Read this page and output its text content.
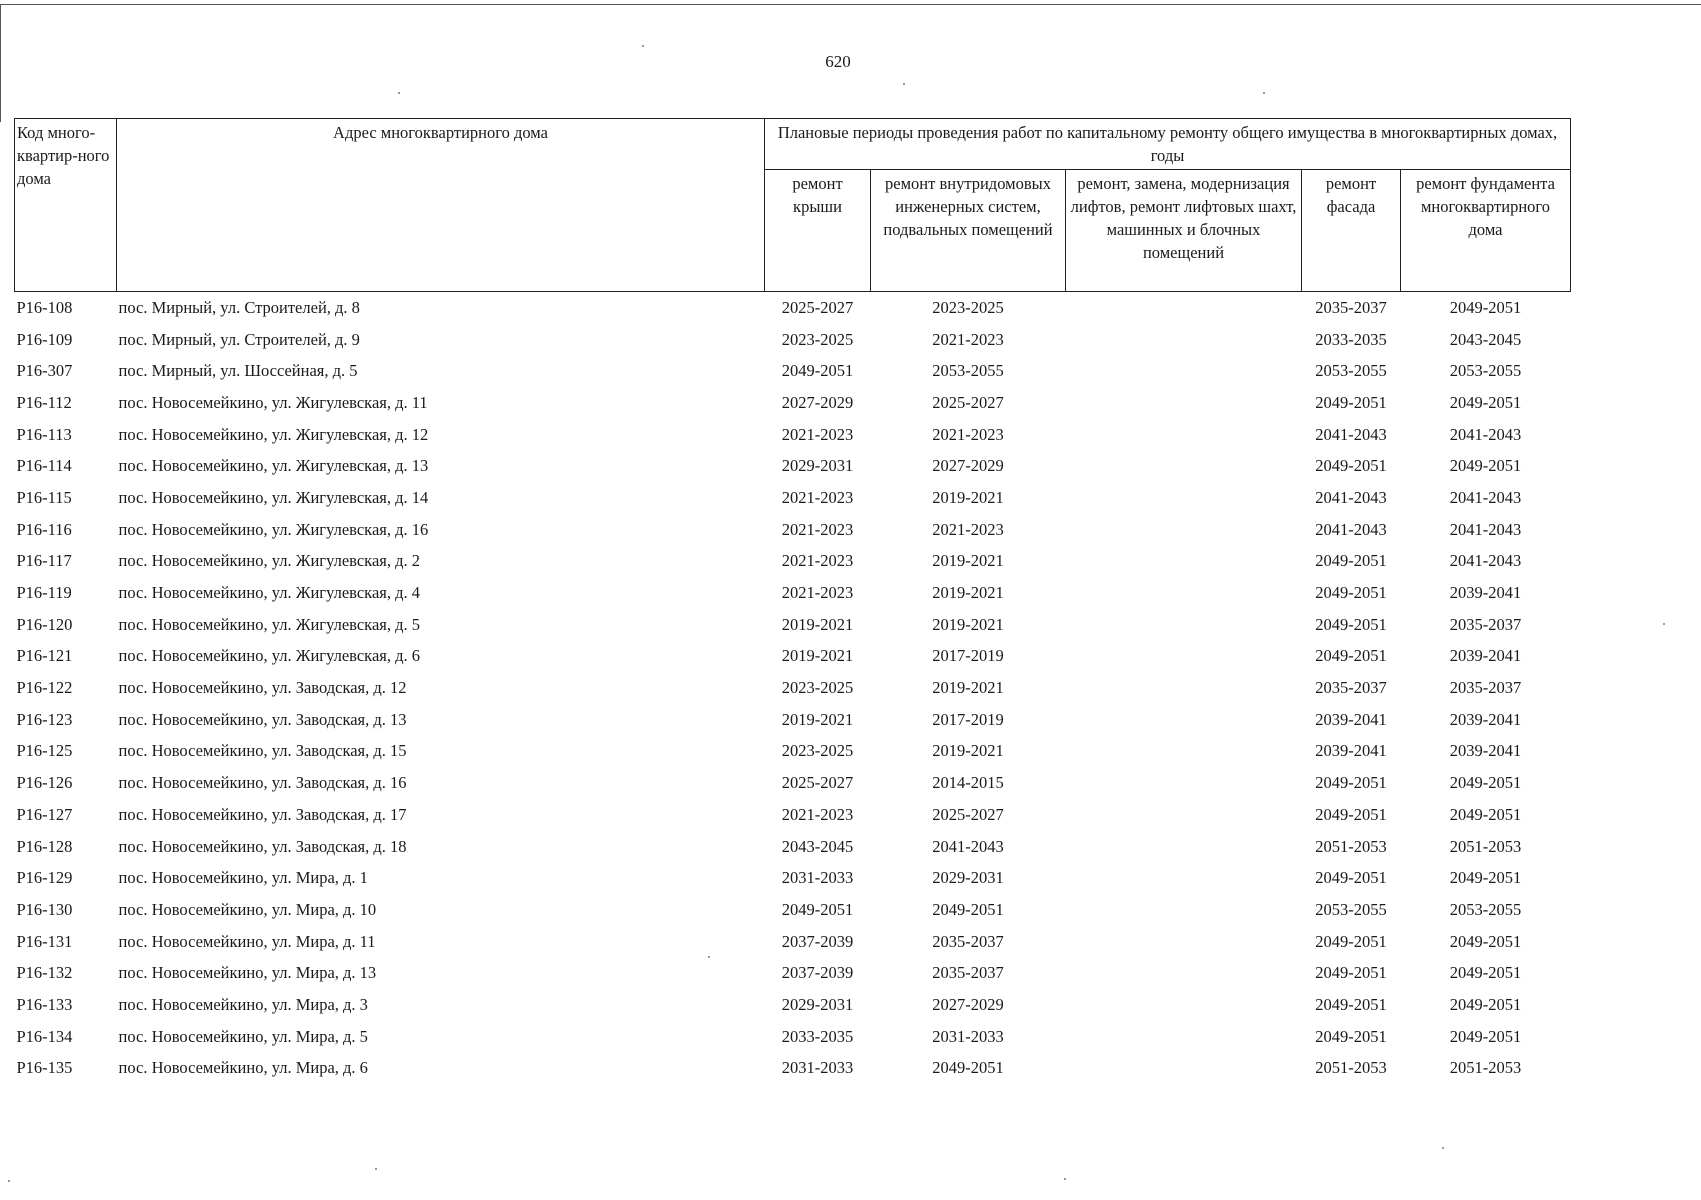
620
Код много-квартир-ного дома	Адрес многоквартирного дома	Плановые периоды проведения работ по капитальному ремонту общего имущества в многоквартирных домах, годы				
		ремонт крыши	ремонт внутридомовых инженерных систем, подвальных помещений	ремонт, замена, модернизация лифтов, ремонт лифтовых шахт, машинных и блочных помещений	ремонт фасада	ремонт фундамента многоквартирного дома
P16-108	пос. Мирный, ул. Строителей, д. 8	2025-2027	2023-2025		2035-2037	2049-2051
P16-109	пос. Мирный, ул. Строителей, д. 9	2023-2025	2021-2023		2033-2035	2043-2045
P16-307	пос. Мирный, ул. Шоссейная, д. 5	2049-2051	2053-2055		2053-2055	2053-2055
P16-112	пос. Новосемейкино, ул. Жигулевская, д. 11	2027-2029	2025-2027		2049-2051	2049-2051
P16-113	пос. Новосемейкино, ул. Жигулевская, д. 12	2021-2023	2021-2023		2041-2043	2041-2043
P16-114	пос. Новосемейкино, ул. Жигулевская, д. 13	2029-2031	2027-2029		2049-2051	2049-2051
P16-115	пос. Новосемейкино, ул. Жигулевская, д. 14	2021-2023	2019-2021		2041-2043	2041-2043
P16-116	пос. Новосемейкино, ул. Жигулевская, д. 16	2021-2023	2021-2023		2041-2043	2041-2043
P16-117	пос. Новосемейкино, ул. Жигулевская, д. 2	2021-2023	2019-2021		2049-2051	2041-2043
P16-119	пос. Новосемейкино, ул. Жигулевская, д. 4	2021-2023	2019-2021		2049-2051	2039-2041
P16-120	пос. Новосемейкино, ул. Жигулевская, д. 5	2019-2021	2019-2021		2049-2051	2035-2037
P16-121	пос. Новосемейкино, ул. Жигулевская, д. 6	2019-2021	2017-2019		2049-2051	2039-2041
P16-122	пос. Новосемейкино, ул. Заводская, д. 12	2023-2025	2019-2021		2035-2037	2035-2037
P16-123	пос. Новосемейкино, ул. Заводская, д. 13	2019-2021	2017-2019		2039-2041	2039-2041
P16-125	пос. Новосемейкино, ул. Заводская, д. 15	2023-2025	2019-2021		2039-2041	2039-2041
P16-126	пос. Новосемейкино, ул. Заводская, д. 16	2025-2027	2014-2015		2049-2051	2049-2051
P16-127	пос. Новосемейкино, ул. Заводская, д. 17	2021-2023	2025-2027		2049-2051	2049-2051
P16-128	пос. Новосемейкино, ул. Заводская, д. 18	2043-2045	2041-2043		2051-2053	2051-2053
P16-129	пос. Новосемейкино, ул. Мира, д. 1	2031-2033	2029-2031		2049-2051	2049-2051
P16-130	пос. Новосемейкино, ул. Мира, д. 10	2049-2051	2049-2051		2053-2055	2053-2055
P16-131	пос. Новосемейкино, ул. Мира, д. 11	2037-2039	2035-2037		2049-2051	2049-2051
P16-132	пос. Новосемейкино, ул. Мира, д. 13	2037-2039	2035-2037		2049-2051	2049-2051
P16-133	пос. Новосемейкино, ул. Мира, д. 3	2029-2031	2027-2029		2049-2051	2049-2051
P16-134	пос. Новосемейкино, ул. Мира, д. 5	2033-2035	2031-2033		2049-2051	2049-2051
P16-135	пос. Новосемейкино, ул. Мира, д. 6	2031-2033	2049-2051		2051-2053	2051-2053
